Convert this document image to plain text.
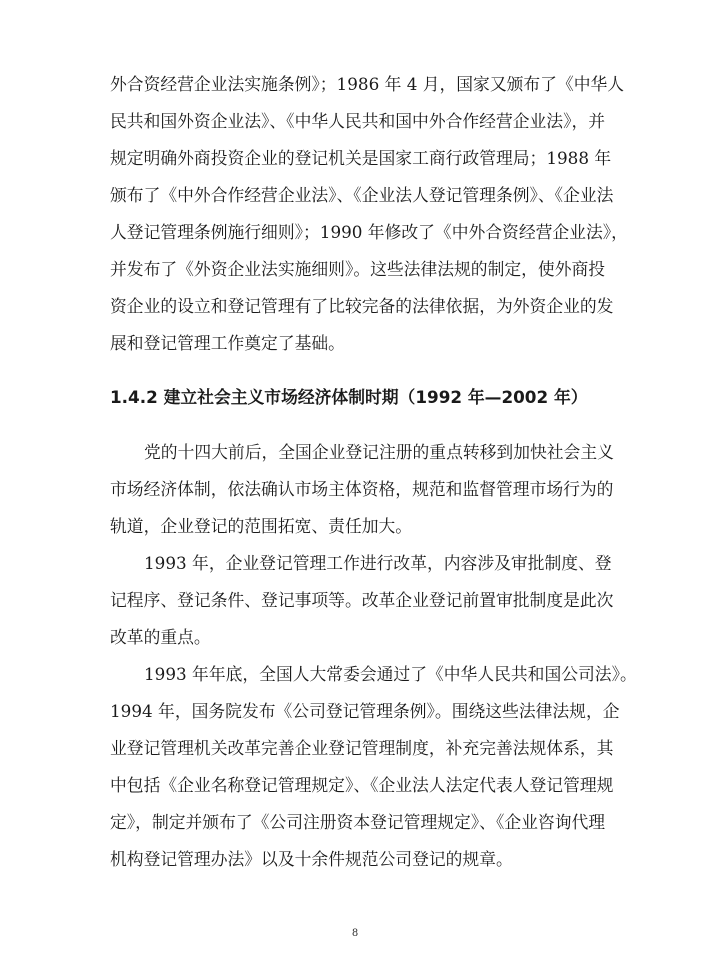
外合资经营企业法实施条例》；1986 年 4 月，国家又颁布了《中华人
民共和国外资企业法》、《中华人民共和国中外合作经营企业法》，并
规定明确外商投资企业的登记机关是国家工商行政管理局；1988 年
颁布了《中外合作经营企业法》、《企业法人登记管理条例》、《企业法
人登记管理条例施行细则》；1990 年修改了《中外合资经营企业法》，
并发布了《外资企业法实施细则》。这些法律法规的制定，使外商投
资企业的设立和登记管理有了比较完备的法律依据，为外资企业的发
展和登记管理工作奠定了基础。
1.4.2 建立社会主义市场经济体制时期（1992 年—2002 年）
党的十四大前后，全国企业登记注册的重点转移到加快社会主义
市场经济体制，依法确认市场主体资格，规范和监督管理市场行为的
轨道，企业登记的范围拓宽、责任加大。
1993 年，企业登记管理工作进行改革，内容涉及审批制度、登
记程序、登记条件、登记事项等。改革企业登记前置审批制度是此次
改革的重点。
1993 年年底，全国人大常委会通过了《中华人民共和国公司法》。
1994 年，国务院发布《公司登记管理条例》。围绕这些法律法规，企
业登记管理机关改革完善企业登记管理制度，补充完善法规体系，其
中包括《企业名称登记管理规定》、《企业法人法定代表人登记管理规
定》，制定并颁布了《公司注册资本登记管理规定》、《企业咨询代理
机构登记管理办法》以及十余件规范公司登记的规章。
8
